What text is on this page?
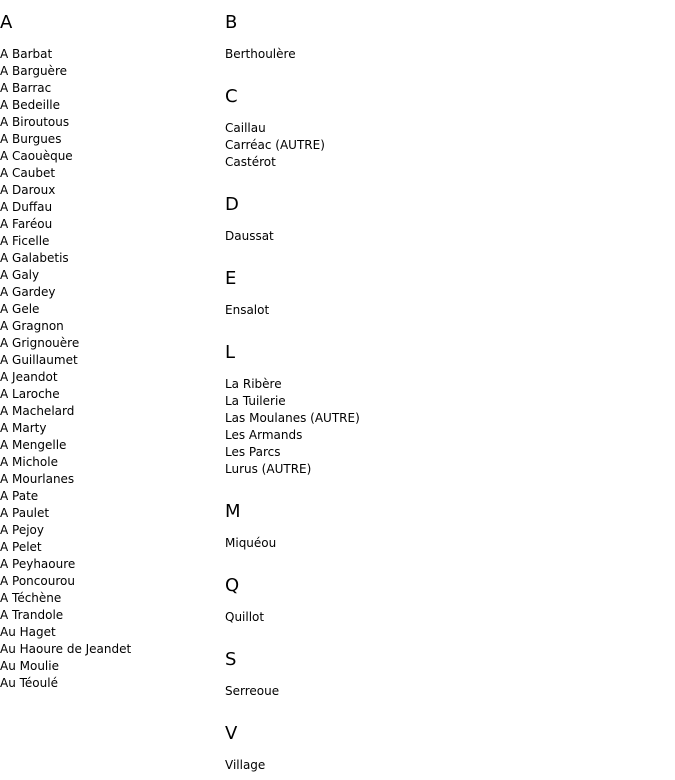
A
A Barbat
A Barguère
A Barrac
A Bedeille
A Biroutous
A Burgues
A Caouèque
A Caubet
A Daroux
A Duffau
A Faréou
A Ficelle
A Galabetis
A Galy
A Gardey
A Gele
A Gragnon
A Grignouère
A Guillaumet
A Jeandot
A Laroche
A Machelard
A Marty
A Mengelle
A Michole
A Mourlanes
A Pate
A Paulet
A Pejoy
A Pelet
A Peyhaoure
A Poncourou
A Téchène
A Trandole
Au Haget
Au Haoure de Jeandet
Au Moulie
Au Téoulé
B
Berthoulère
C
Caillau
Carréac (AUTRE)
Castérot
D
Daussat
E
Ensalot
L
La Ribère
La Tuilerie
Las Moulanes (AUTRE)
Les Armands
Les Parcs
Lurus (AUTRE)
M
Miquéou
Q
Quillot
S
Serreoue
V
Village
